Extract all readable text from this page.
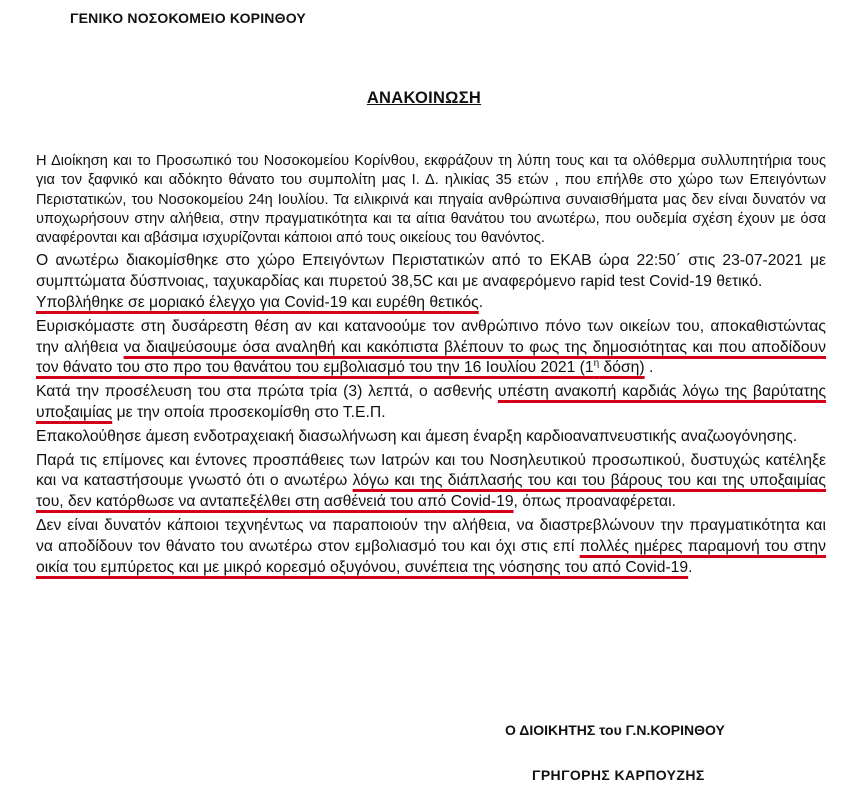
ΓΕΝΙΚΟ ΝΟΣΟΚΟΜΕΙΟ ΚΟΡΙΝΘΟΥ
ΑΝΑΚΟΙΝΩΣΗ

Η Διοίκηση και το Προσωπικό του Νοσοκομείου Κορίνθου, εκφράζουν τη λύπη τους και τα ολόθερμα συλλυπητήρια τους για τον ξαφνικό και αδόκητο θάνατο του συμπολίτη μας Ι. Δ. ηλικίας 35 ετών , που επήλθε στο χώρο των Επειγόντων Περιστατικών, του Νοσοκομείου 24η Ιουλίου. Τα ειλικρινά και πηγαία ανθρώπινα συναισθήματα μας δεν είναι δυνατόν να υποχωρήσουν στην αλήθεια, στην πραγματικότητα και τα αίτια θανάτου του ανωτέρω, που ουδεμία σχέση έχουν με όσα αναφέρονται και αβάσιμα ισχυρίζονται κάποιοι από τους οικείους του θανόντος.

Ο ανωτέρω διακομίσθηκε στο χώρο Επειγόντων Περιστατικών από το ΕΚΑΒ ώρα 22:50΄ στις 23-07-2021 με συμπτώματα δύσπνοιας, ταχυκαρδίας και πυρετού 38,5C και με αναφερόμενο rapid test Covid-19 θετικό.
Υποβλήθηκε σε μοριακό έλεγχο για Covid-19 και ευρέθη θετικός.

Ευρισκόμαστε στη δυσάρεστη θέση αν και κατανοούμε τον ανθρώπινο πόνο των οικείων του, αποκαθιστώντας την αλήθεια να διαψεύσουμε όσα αναληθή και κακόπιστα βλέπουν το φως της δημοσιότητας και που αποδίδουν τον θάνατο του στο προ του θανάτου του εμβολιασμό του την 16 Ιουλίου 2021 ($1^\eta$ δόση) .

Κατά την προσέλευση του στα πρώτα τρία (3) λεπτά, ο ασθενής υπέστη ανακοπή καρδιάς λόγω της βαρύτατης υποξαιμίας με την οποία προσεκομίσθη στο Τ.Ε.Π.

Επακολούθησε άμεση ενδοτραχειακή διασωλήνωση και άμεση έναρξη καρδιοαναπνευστικής αναζωογόνησης.

Παρά τις επίμονες και έντονες προσπάθειες των Ιατρών και του Νοσηλευτικού προσωπικού, δυστυχώς κατέληξε και να καταστήσουμε γνωστό ότι ο ανωτέρω λόγω και της διάπλασής του και του βάρους του και της υποξαιμίας του, δεν κατόρθωσε να ανταπεξέλθει στη ασθένειά του από Covid-19, όπως προαναφέρεται.

Δεν είναι δυνατόν κάποιοι τεχνηέντως να παραποιούν την αλήθεια, να διαστρεβλώνουν την πραγματικότητα και να αποδίδουν τον θάνατο του ανωτέρω στον εμβολιασμό του και όχι στις επί πολλές ημέρες παραμονή του στην οικία του εμπύρετος και με μικρό κορεσμό οξυγόνου, συνέπεια της νόσησης του από Covid-19.

Ο ΔΙΟΙΚΗΤΗΣ του Γ.Ν.ΚΟΡΙΝΘΟΥ
ΓΡΗΓΟΡΗΣ ΚΑΡΠΟΥΖΗΣ
